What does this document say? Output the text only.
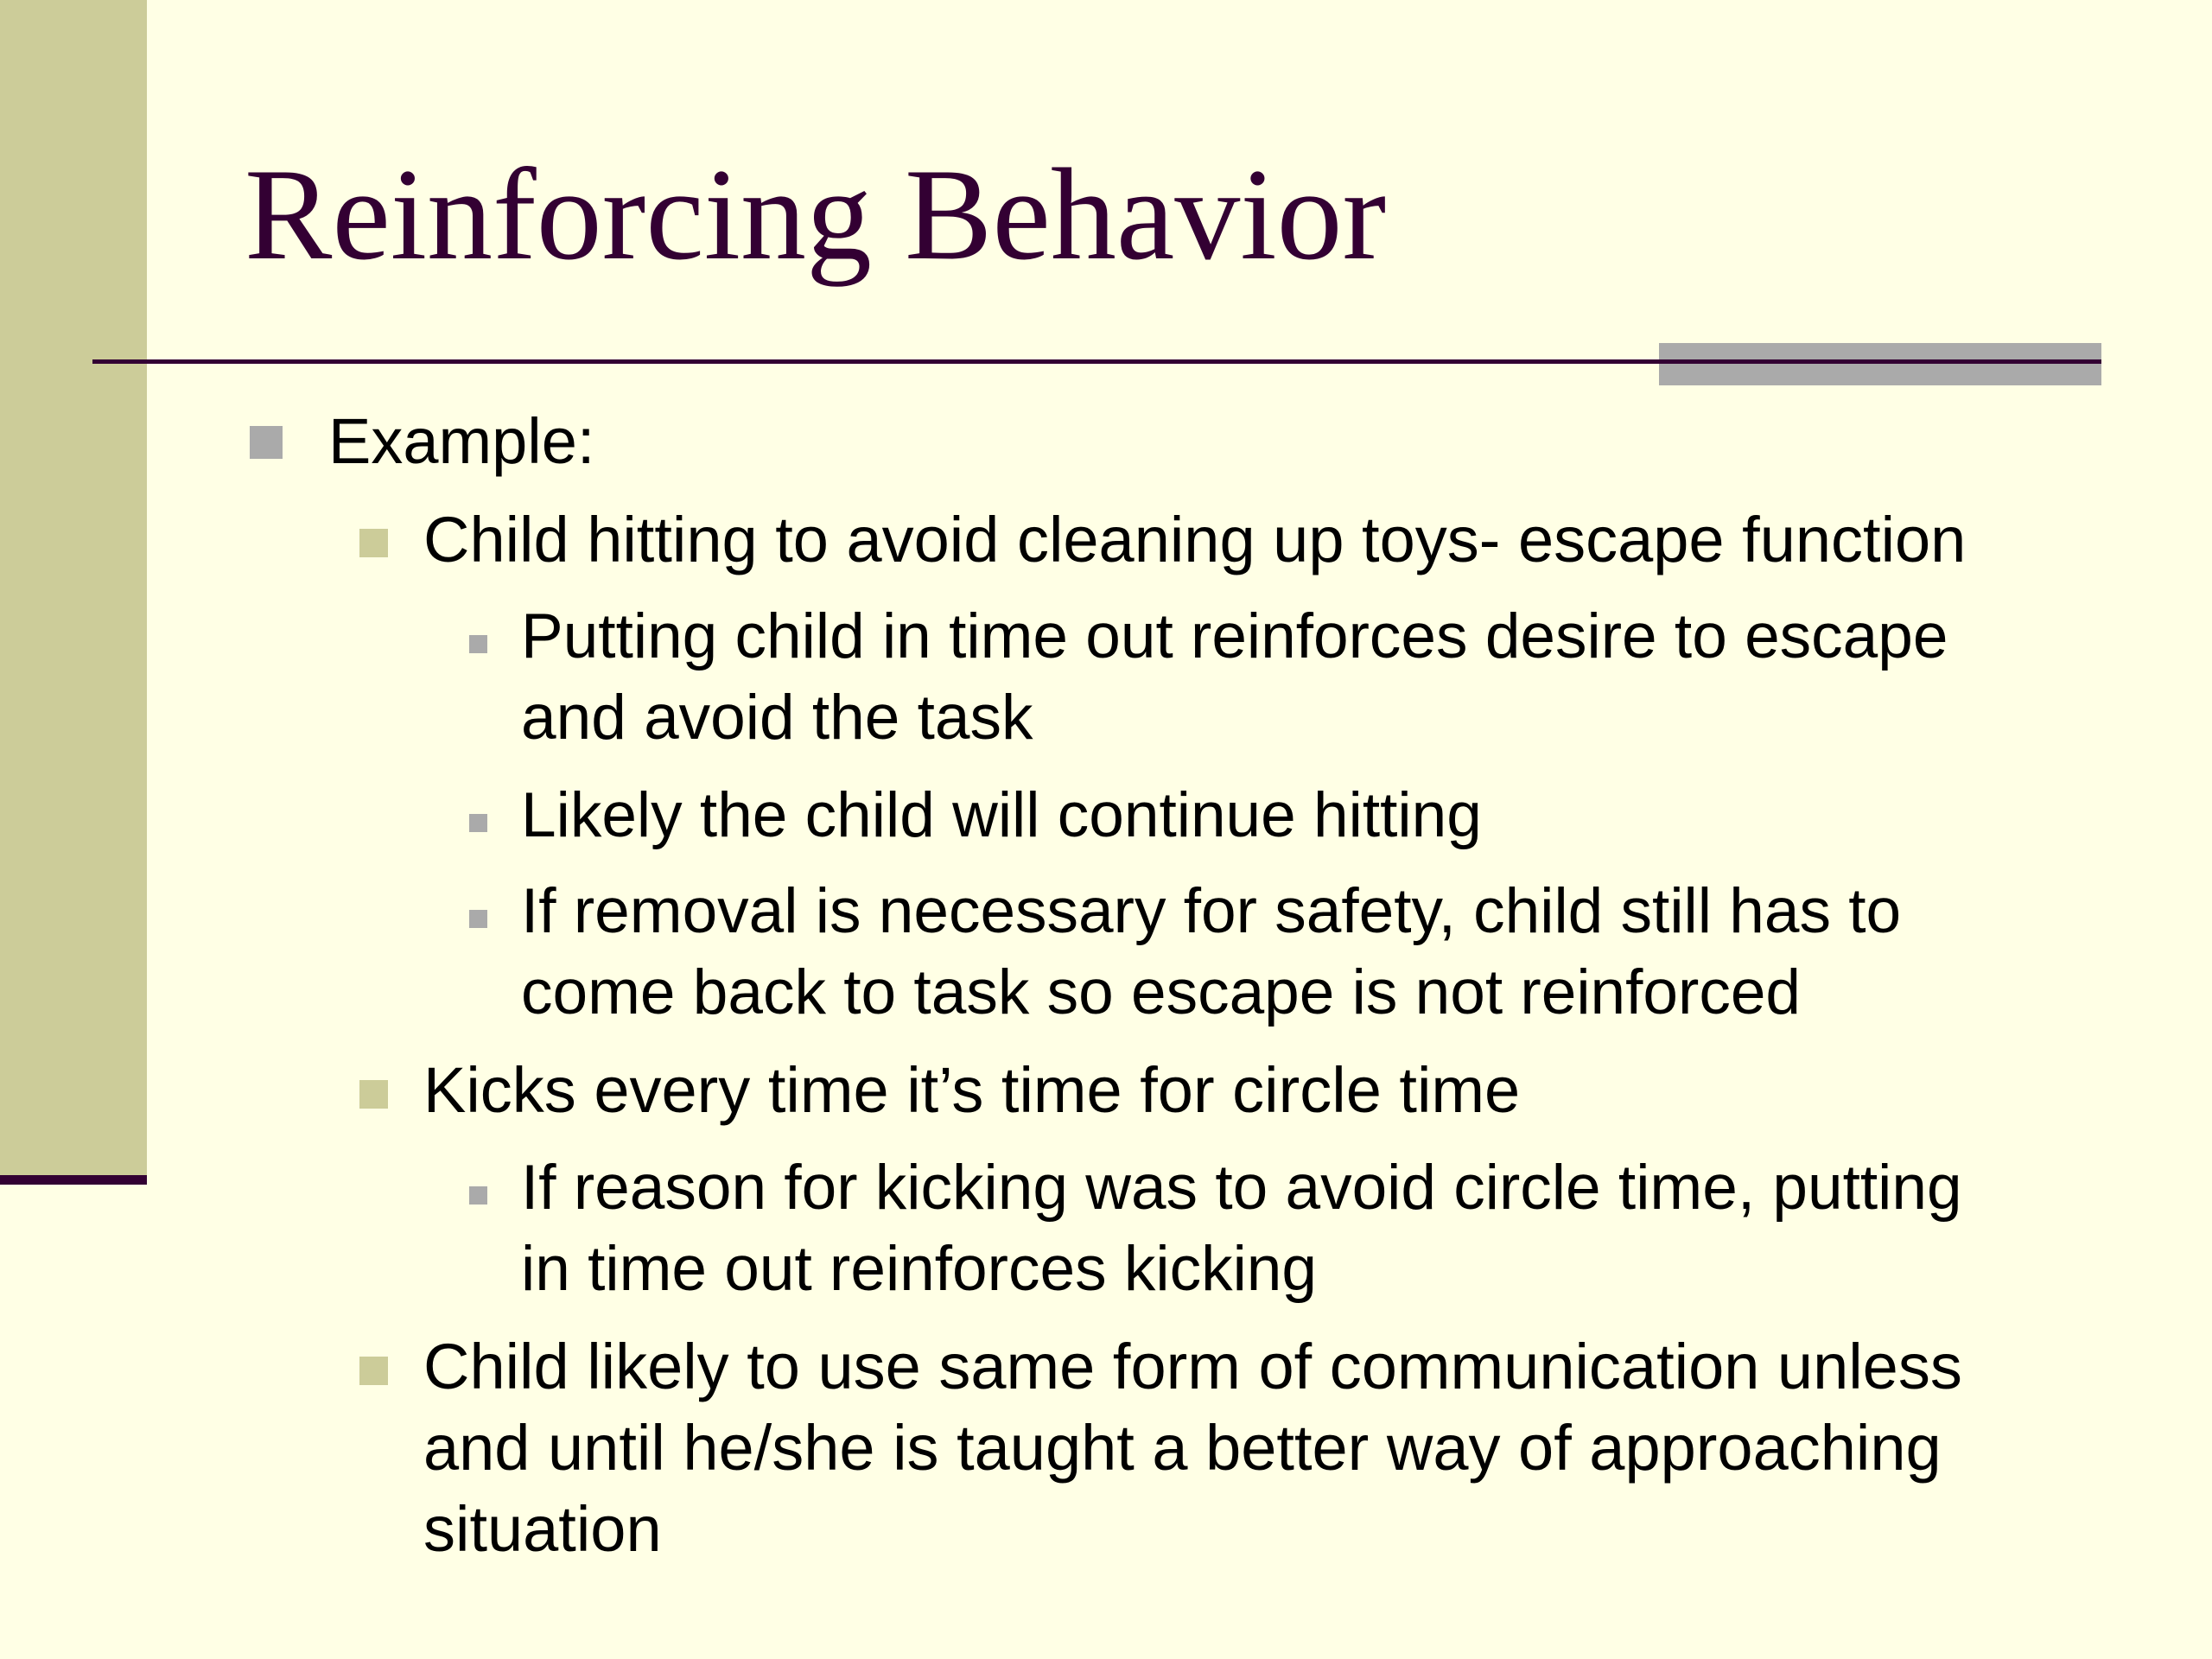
Reinforcing Behavior

Example:

Child hitting to avoid cleaning up toys- escape function

Putting child in time out reinforces desire to escape

and avoid the task

Likely the child will continue hitting

If removal is necessary for safety, child still has to

come back to task so escape is not reinforced

Kicks every time it’s time for circle time

If reason for kicking was to avoid circle time, putting

in time out reinforces kicking

Child likely to use same form of communication unless

and until he/she is taught a better way of approaching

situation
